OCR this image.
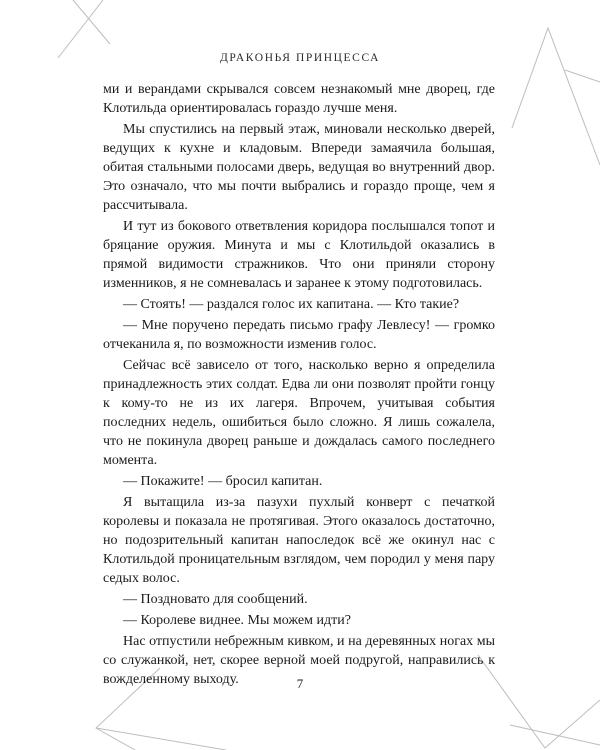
ДРАКОНЬЯ ПРИНЦЕССА

ми и верандами скрывался совсем незнакомый мне дворец, где Клотильда ориентировалась гораздо лучше меня.

Мы спустились на первый этаж, миновали несколько дверей, ведущих к кухне и кладовым. Впереди замаячила большая, обитая стальными полосами дверь, ведущая во внутренний двор. Это означало, что мы почти выбрались и гораздо проще, чем я рассчитывала.

И тут из бокового ответвления коридора послышался топот и бряцание оружия. Минута и мы с Клотильдой оказались в прямой видимости стражников. Что они приняли сторону изменников, я не сомневалась и заранее к этому подготовилась.

— Стоять! — раздался голос их капитана. — Кто такие?

— Мне поручено передать письмо графу Левлесу! — громко отчеканила я, по возможности изменив голос.

Сейчас всё зависело от того, насколько верно я определила принадлежность этих солдат. Едва ли они позволят пройти гонцу к кому-то не из их лагеря. Впрочем, учитывая события последних недель, ошибиться было сложно. Я лишь сожалела, что не покинула дворец раньше и дождалась самого последнего момента.

— Покажите! — бросил капитан.

Я вытащила из-за пазухи пухлый конверт с печаткой королевы и показала не протягивая. Этого оказалось достаточно, но подозрительный капитан напоследок всё же окинул нас с Клотильдой проницательным взглядом, чем породил у меня пару седых волос.

— Поздновато для сообщений.

— Королеве виднее. Мы можем идти?

Нас отпустили небрежным кивком, и на деревянных ногах мы со служанкой, нет, скорее верной моей подругой, направились к вожделенному выходу.	7
